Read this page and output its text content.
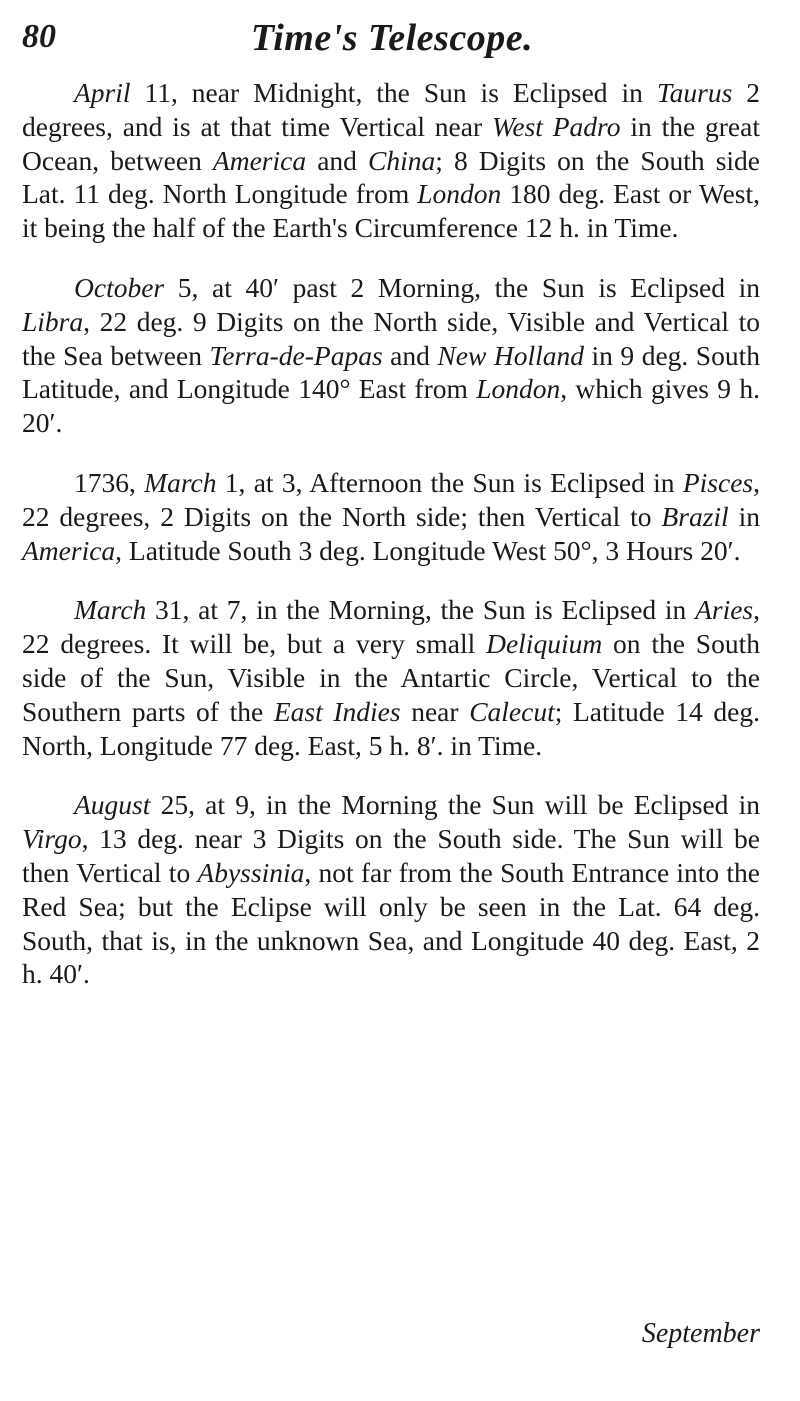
80	Time's Telescope.

April 11, near Midnight, the Sun is Eclipsed in Taurus 2 degrees, and is at that time Vertical near West Padro in the great Ocean, between America and China; 8 Digits on the South side Lat. 11 deg. North Longitude from London 180 deg. East or West, it being the half of the Earth's Circumference 12 h. in Time.

October 5, at 40′ past 2 Morning, the Sun is Eclipsed in Libra, 22 deg. 9 Digits on the North side, Visible and Vertical to the Sea between Terra-de-Papas and New Holland in 9 deg. South Latitude, and Longitude 140° East from London, which gives 9 h. 20′.

1736, March 1, at 3, Afternoon the Sun is Eclipsed in Pisces, 22 degrees, 2 Digits on the North side; then Vertical to Brazil in America, Latitude South 3 deg. Longitude West 50°, 3 Hours 20′.

March 31, at 7, in the Morning, the Sun is Eclipsed in Aries, 22 degrees. It will be, but a very small Deliquium on the South side of the Sun, Visible in the Antartic Circle, Vertical to the Southern parts of the East Indies near Calecut; Latitude 14 deg. North, Longitude 77 deg. East, 5 h. 8′. in Time.

August 25, at 9, in the Morning the Sun will be Eclipsed in Virgo, 13 deg. near 3 Digits on the South side. The Sun will be then Vertical to Abyssinia, not far from the South Entrance into the Red Sea; but the Eclipse will only be seen in the Lat. 64 deg. South, that is, in the unknown Sea, and Longitude 40 deg. East, 2 h. 40′.

September
